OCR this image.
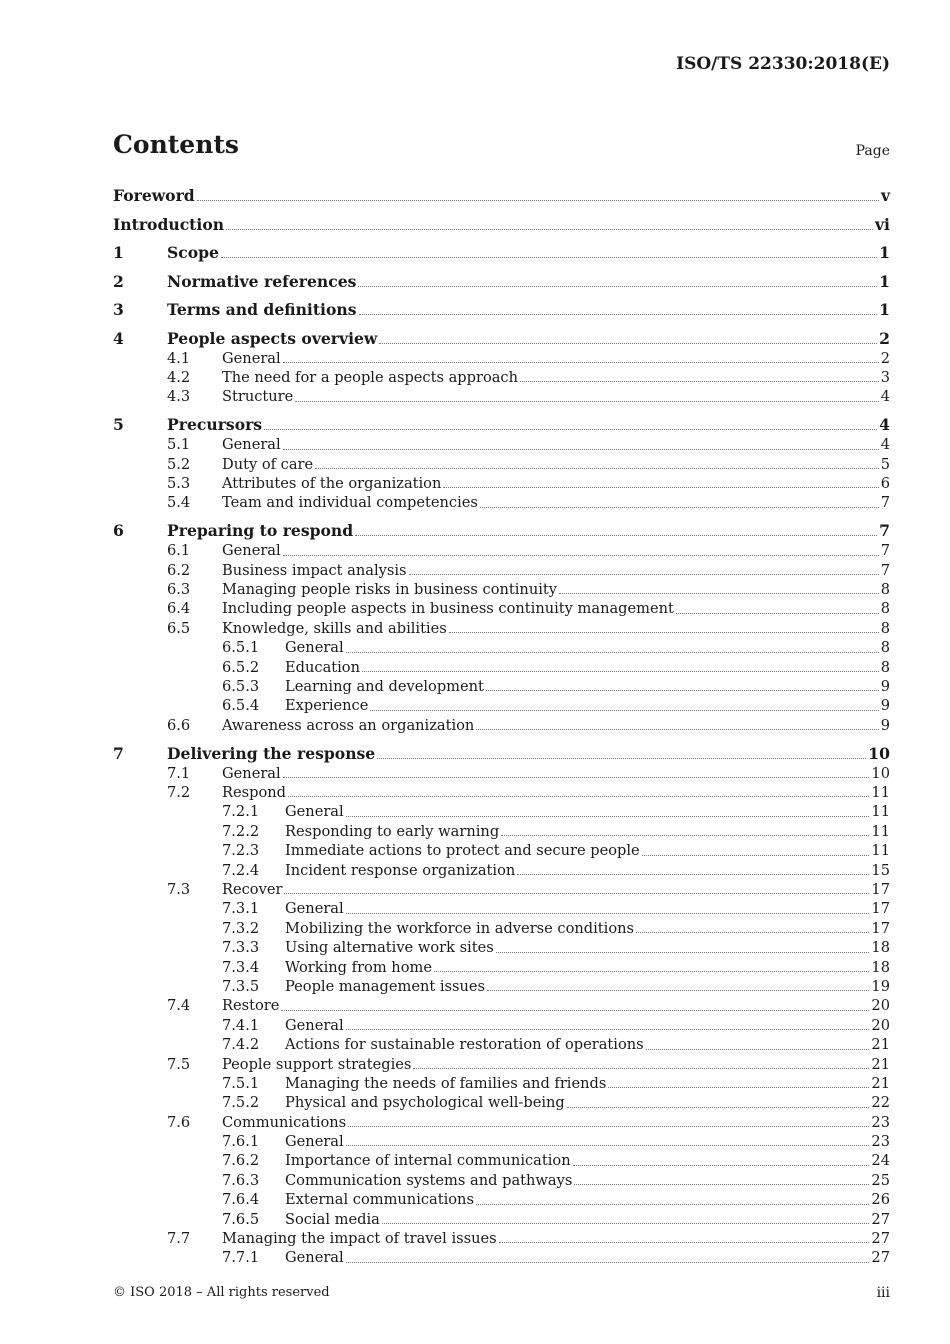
ISO/TS 22330:2018(E)
Contents	Page
Foreword	v
Introduction	vi
1	Scope	1
2	Normative references	1
3	Terms and definitions	1
4	People aspects overview	2
4.1	General	2
4.2	The need for a people aspects approach	3
4.3	Structure	4
5	Precursors	4
5.1	General	4
5.2	Duty of care	5
5.3	Attributes of the organization	6
5.4	Team and individual competencies	7
6	Preparing to respond	7
6.1	General	7
6.2	Business impact analysis	7
6.3	Managing people risks in business continuity	8
6.4	Including people aspects in business continuity management	8
6.5	Knowledge, skills and abilities	8
6.5.1	General	8
6.5.2	Education	8
6.5.3	Learning and development	9
6.5.4	Experience	9
6.6	Awareness across an organization	9
7	Delivering the response	10
7.1	General	10
7.2	Respond	11
7.2.1	General	11
7.2.2	Responding to early warning	11
7.2.3	Immediate actions to protect and secure people	11
7.2.4	Incident response organization	15
7.3	Recover	17
7.3.1	General	17
7.3.2	Mobilizing the workforce in adverse conditions	17
7.3.3	Using alternative work sites	18
7.3.4	Working from home	18
7.3.5	People management issues	19
7.4	Restore	20
7.4.1	General	20
7.4.2	Actions for sustainable restoration of operations	21
7.5	People support strategies	21
7.5.1	Managing the needs of families and friends	21
7.5.2	Physical and psychological well-being	22
7.6	Communications	23
7.6.1	General	23
7.6.2	Importance of internal communication	24
7.6.3	Communication systems and pathways	25
7.6.4	External communications	26
7.6.5	Social media	27
7.7	Managing the impact of travel issues	27
7.7.1	General	27
© ISO 2018 – All rights reserved	iii
